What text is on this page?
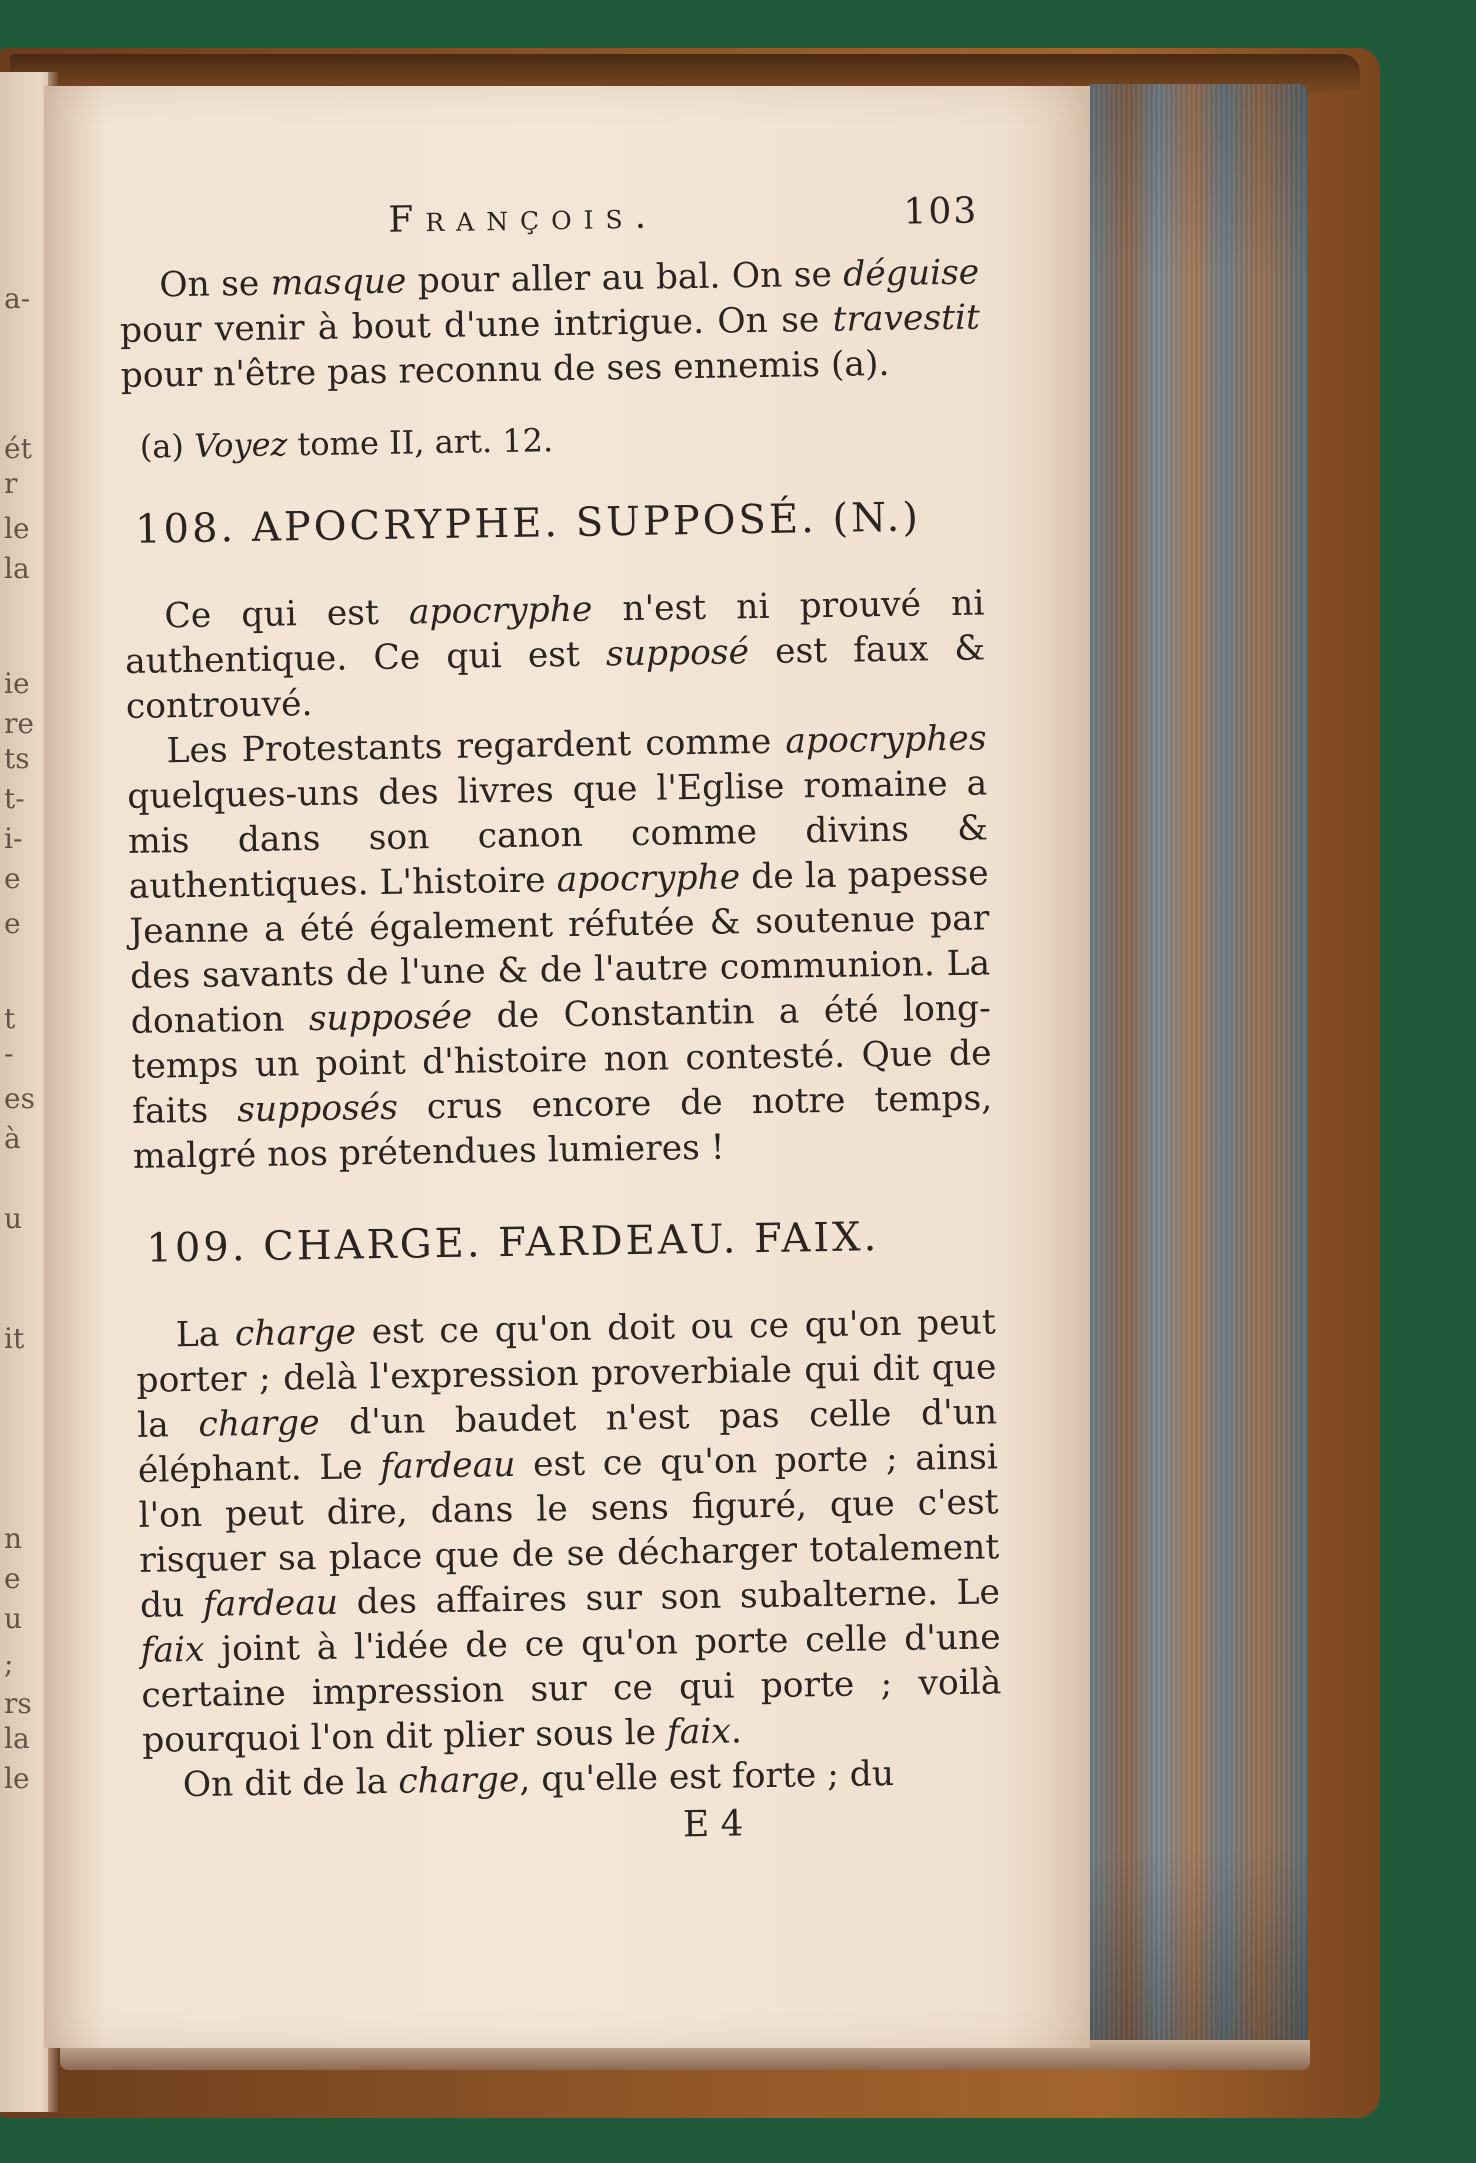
a-
ét
r
le
la
ie
re
ts
t-
i-
e
e
t
-
es
à
u
it
n
e
u
;
rs
la
le
François.	103

On se masque pour aller au bal. On se déguise pour venir à bout d'une intrigue. On se travestit pour n'être pas reconnu de ses ennemis (a).

(a) Voyez tome II, art. 12.

108. APOCRYPHE. SUPPOSÉ. (N.)

Ce qui est apocryphe n'est ni prouvé ni authentique. Ce qui est supposé est faux & controuvé.

Les Protestants regardent comme apocryphes quelques-uns des livres que l'Eglise romaine a mis dans son canon comme divins & authentiques. L'histoire apocryphe de la papesse Jeanne a été également réfutée & soutenue par des savants de l'une & de l'autre communion. La donation supposée de Constantin a été long-temps un point d'histoire non contesté. Que de faits supposés crus encore de notre temps, malgré nos prétendues lumieres !

109. CHARGE. FARDEAU. FAIX.

La charge est ce qu'on doit ou ce qu'on peut porter ; delà l'expression proverbiale qui dit que la charge d'un baudet n'est pas celle d'un éléphant. Le fardeau est ce qu'on porte ; ainsi l'on peut dire, dans le sens figuré, que c'est risquer sa place que de se décharger totalement du fardeau des affaires sur son subalterne. Le faix joint à l'idée de ce qu'on porte celle d'une certaine impression sur ce qui porte ; voilà pourquoi l'on dit plier sous le faix.

On dit de la charge, qu'elle est forte ; du

E 4
